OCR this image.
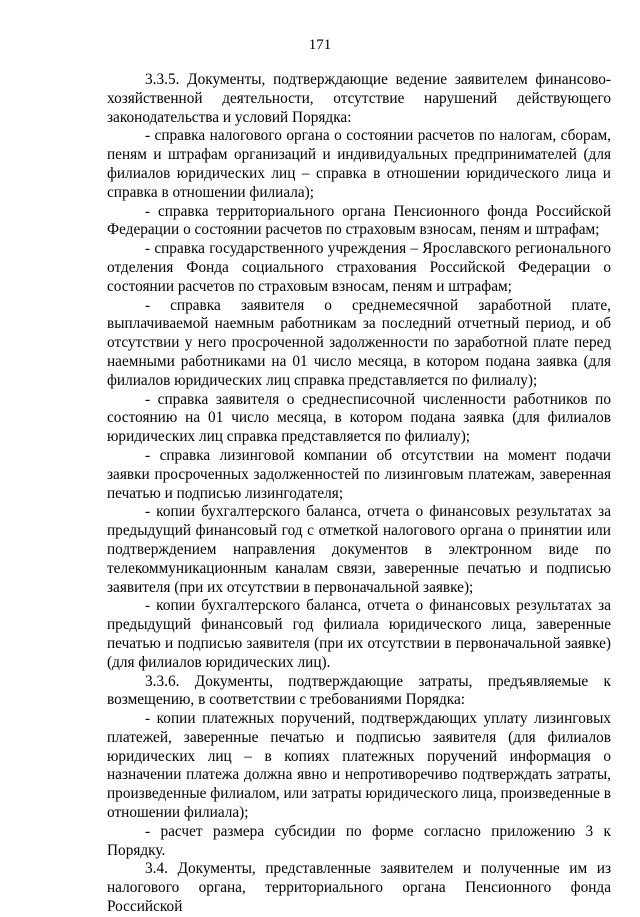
171

3.3.5. Документы, подтверждающие ведение заявителем финансово-хозяйственной деятельности, отсутствие нарушений действующего законодательства и условий Порядка:

- справка налогового органа о состоянии расчетов по налогам, сборам, пеням и штрафам организаций и индивидуальных предпринимателей (для филиалов юридических лиц – справка в отношении юридического лица и справка в отношении филиала);

- справка территориального органа Пенсионного фонда Российской Федерации о состоянии расчетов по страховым взносам, пеням и штрафам;

- справка государственного учреждения – Ярославского регионального отделения Фонда социального страхования Российской Федерации о состоянии расчетов по страховым взносам, пеням и штрафам;

- справка заявителя о среднемесячной заработной плате, выплачиваемой наемным работникам за последний отчетный период, и об отсутствии у него просроченной задолженности по заработной плате перед наемными работниками на 01 число месяца, в котором подана заявка (для филиалов юридических лиц справка представляется по филиалу);

- справка заявителя о среднесписочной численности работников по состоянию на 01 число месяца, в котором подана заявка (для филиалов юридических лиц справка представляется по филиалу);

- справка лизинговой компании об отсутствии на момент подачи заявки просроченных задолженностей по лизинговым платежам, заверенная печатью и подписью лизингодателя;

- копии бухгалтерского баланса, отчета о финансовых результатах за предыдущий финансовый год с отметкой налогового органа о принятии или подтверждением направления документов в электронном виде по телекоммуникационным каналам связи, заверенные печатью и подписью заявителя (при их отсутствии в первоначальной заявке);

- копии бухгалтерского баланса, отчета о финансовых результатах за предыдущий финансовый год филиала юридического лица, заверенные печатью и подписью заявителя (при их отсутствии в первоначальной заявке) (для филиалов юридических лиц).

3.3.6. Документы, подтверждающие затраты, предъявляемые к возмещению, в соответствии с требованиями Порядка:

- копии платежных поручений, подтверждающих уплату лизинговых платежей, заверенные печатью и подписью заявителя (для филиалов юридических лиц – в копиях платежных поручений информация о назначении платежа должна явно и непротиворечиво подтверждать затраты, произведенные филиалом, или затраты юридического лица, произведенные в отношении филиала);

- расчет размера субсидии по форме согласно приложению 3 к Порядку.

3.4. Документы, представленные заявителем и полученные им из налогового органа, территориального органа Пенсионного фонда Российской
